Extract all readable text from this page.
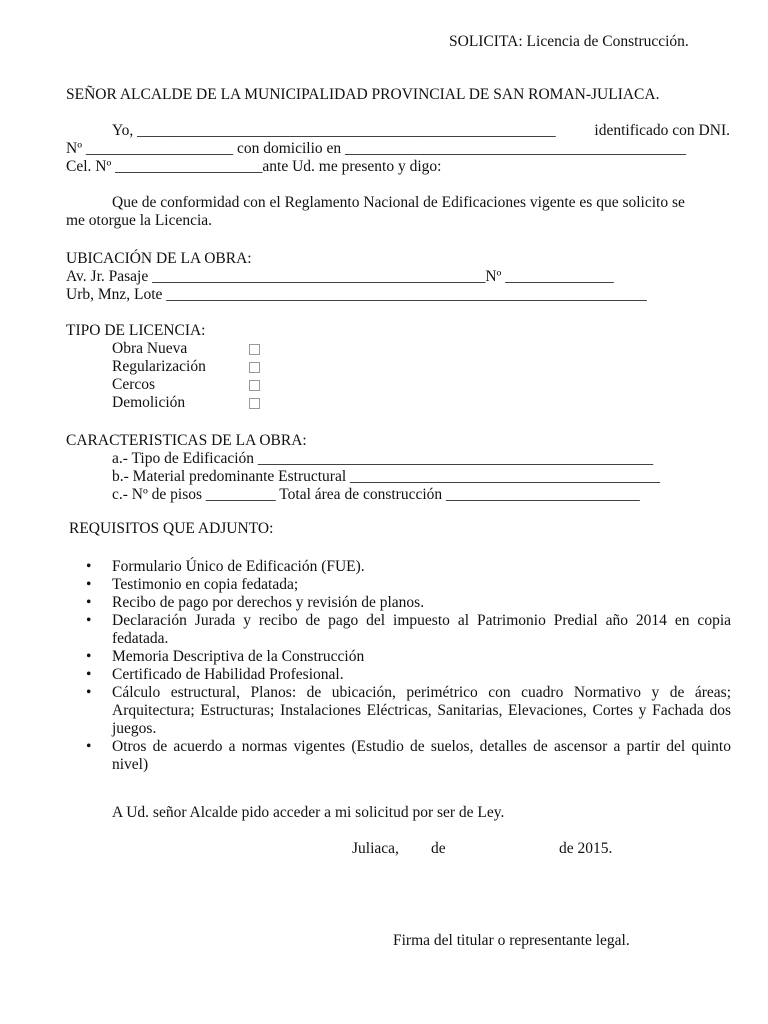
SOLICITA: Licencia de Construcción.
SEÑOR ALCALDE DE LA MUNICIPALIDAD PROVINCIAL DE SAN ROMAN-JULIACA.
Yo, ______________________________________________________	identificado con DNI.
Nº ___________________ con domicilio en ____________________________________________
Cel. Nº ___________________ante Ud. me presento y digo:
Que de conformidad con el Reglamento Nacional de Edificaciones vigente es que solicito se
me otorgue la Licencia.
UBICACIÓN DE LA OBRA:
Av. Jr. Pasaje ___________________________________________Nº ______________
Urb, Mnz, Lote ______________________________________________________________
TIPO DE LICENCIA:
Obra Nueva
Regularización
Cercos
Demolición
CARACTERISTICAS DE LA OBRA:
a.- Tipo de Edificación ___________________________________________________
b.- Material predominante Estructural ________________________________________
c.- Nº de pisos _________ Total área de construcción _________________________
REQUISITOS QUE ADJUNTO:
• Formulario Único de Edificación (FUE).
• Testimonio en copia fedatada;
• Recibo de pago por derechos y revisión de planos.
• Declaración Jurada y recibo de pago del impuesto al Patrimonio Predial año 2014 en copia fedatada.
• Memoria Descriptiva de la Construcción
• Certificado de Habilidad Profesional.
• Cálculo estructural, Planos: de ubicación, perimétrico con cuadro Normativo y de áreas; Arquitectura; Estructuras; Instalaciones Eléctricas, Sanitarias, Elevaciones, Cortes y Fachada dos juegos.
• Otros de acuerdo a normas vigentes (Estudio de suelos, detalles de ascensor a partir del quinto nivel)
A Ud. señor Alcalde pido acceder a mi solicitud por ser de Ley.
Juliaca, de	de 2015.
Firma del titular o representante legal.
